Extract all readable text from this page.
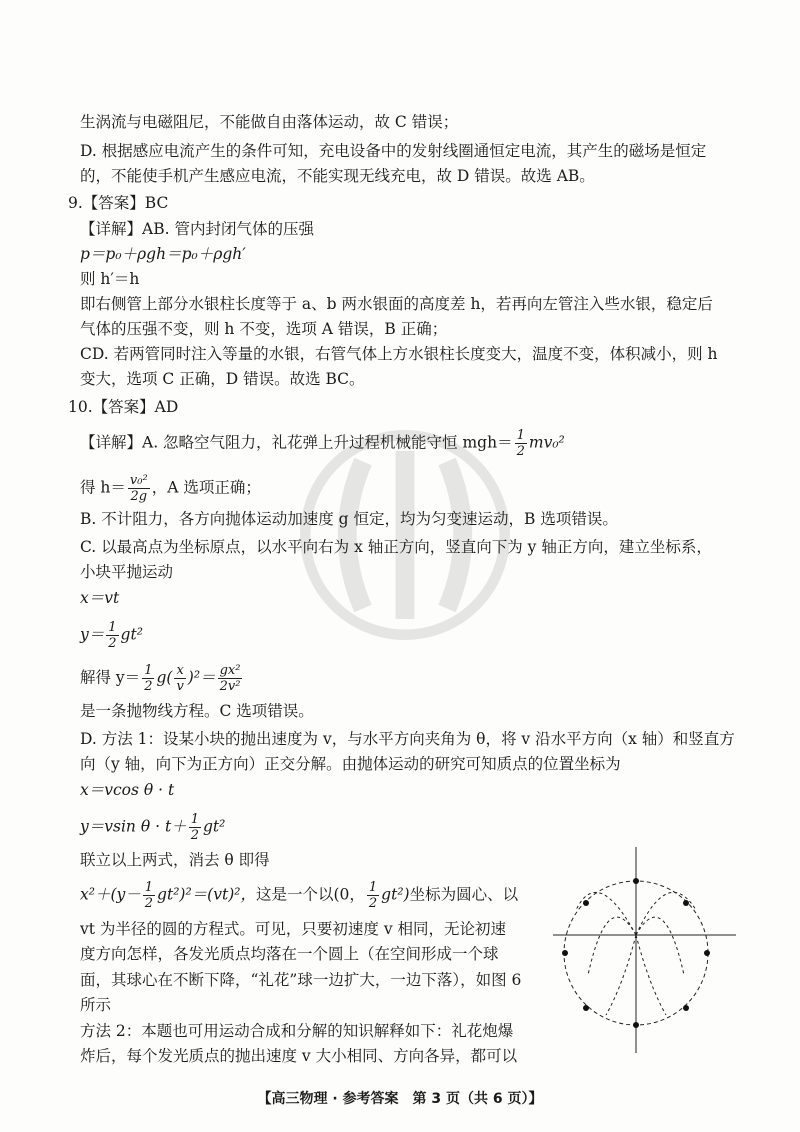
生涡流与电磁阻尼，不能做自由落体运动，故 C 错误；
D. 根据感应电流产生的条件可知，充电设备中的发射线圈通恒定电流，其产生的磁场是恒定
的，不能使手机产生感应电流，不能实现无线充电，故 D 错误。故选 AB。
9.【答案】BC
【详解】AB. 管内封闭气体的压强
p＝p₀＋ρgh＝p₀＋ρgh′
则 h′＝h
即右侧管上部分水银柱长度等于 a、b 两水银面的高度差 h，若再向左管注入些水银，稳定后
气体的压强不变，则 h 不变，选项 A 错误，B 正确；
CD. 若两管同时注入等量的水银，右管气体上方水银柱长度变大，温度不变，体积减小，则 h
变大，选项 C 正确，D 错误。故选 BC。
10.【答案】AD
【详解】A. 忽略空气阻力，礼花弹上升过程机械能守恒 $mgh= \frac{1}{2} mv_0^2$
得 $h= \frac{\text{v₀²}}{2g}$ ，A 选项正确；
B. 不计阻力，各方向抛体运动加速度 g 恒定，均为匀变速运动，B 选项错误。
C. 以最高点为坐标原点，以水平向右为 x 轴正方向，竖直向下为 y 轴正方向，建立坐标系，
小块平抛运动
x＝vt
$y= \frac{1}{2} gt^2$
解得 $y= \frac{1}{2} g( \frac{x}{v} )^2= \frac{\text{gx²}}{\text{2v²}}$
是一条抛物线方程。C 选项错误。
D. 方法 1：设某小块的抛出速度为 v，与水平方向夹角为 θ，将 v 沿水平方向（x 轴）和竖直方
向（y 轴，向下为正方向）正交分解。由抛体运动的研究可知质点的位置坐标为
x＝vcos θ · t
y＝vsin $\theta \cdot t+ \frac{1}{2} gt^2$
联立以上两式，消去 θ 即得
$x^2+(y- \frac{1}{2} gt^2)^2=(vt)^2$，这是一个以(0， $\frac{1}{2} gt^2$)坐标为圆心、以
vt 为半径的圆的方程式。可见，只要初速度 v 相同，无论初速
度方向怎样，各发光质点均落在一个圆上（在空间形成一个球
面，其球心在不断下降，“礼花”球一边扩大，一边下落），如图 6
所示
方法 2：本题也可用运动合成和分解的知识解释如下：礼花炮爆
炸后，每个发光质点的抛出速度 v 大小相同、方向各异，都可以
【高三物理 · 参考答案　第 3 页（共 6 页）】
